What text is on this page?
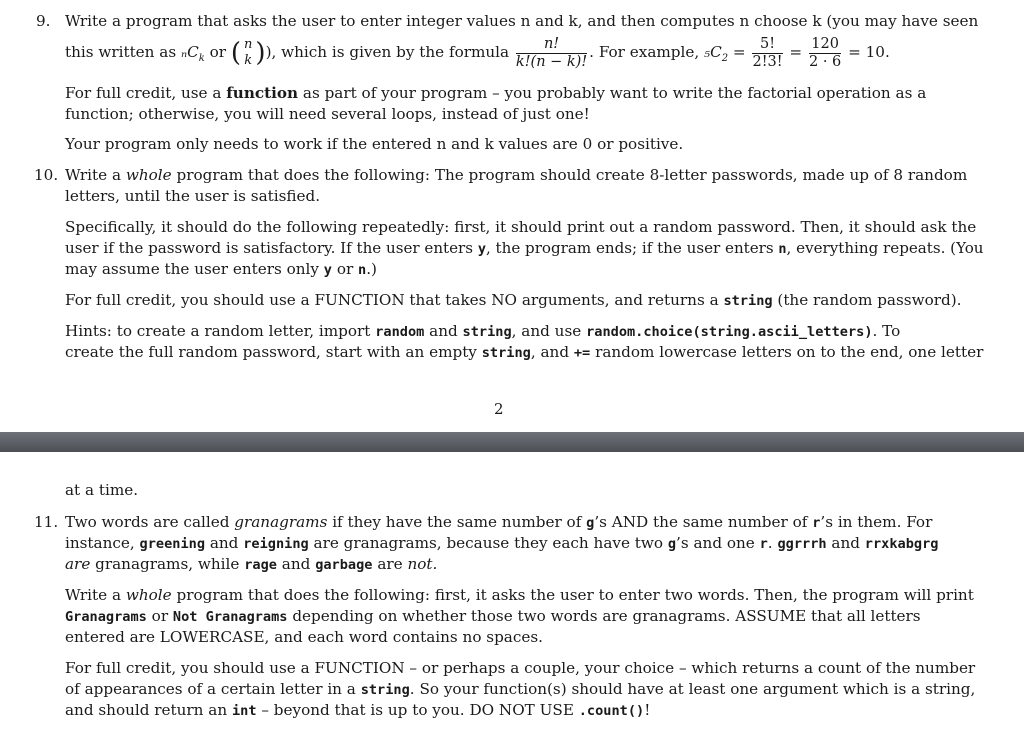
9. Write a program that asks the user to enter integer values n and k, and then computes n choose k (you may have seen
this written as ₙC$_k$ or ( n
k )), which is given by the formula $\frac{n!}{k!(n - k)!}$ . For example, $_5C_2 = \frac{5!}{2!3!} = \frac{120}{2 \cdot 6} = 10$.
For full credit, use a function as part of your program – you probably want to write the factorial operation as a
function; otherwise, you will need several loops, instead of just one!
Your program only needs to work if the entered n and k values are 0 or positive.
10. Write a whole program that does the following: The program should create 8-letter passwords, made up of 8 random
letters, until the user is satisfied.
Specifically, it should do the following repeatedly: first, it should print out a random password. Then, it should ask the
user if the password is satisfactory. If the user enters y, the program ends; if the user enters n, everything repeats. (You
may assume the user enters only y or n.)
For full credit, you should use a FUNCTION that takes NO arguments, and returns a string (the random password).
Hints: to create a random letter, import random and string, and use random.choice(string.ascii_letters). To
create the full random password, start with an empty string, and += random lowercase letters on to the end, one letter
2
at a time.
11. Two words are called granagrams if they have the same number of g’s AND the same number of r’s in them. For
instance, greening and reigning are granagrams, because they each have two g’s and one r. ggrrrh and rrxkabgrg
are granagrams, while rage and garbage are not.
Write a whole program that does the following: first, it asks the user to enter two words. Then, the program will print
Granagrams or Not Granagrams depending on whether those two words are granagrams. ASSUME that all letters
entered are LOWERCASE, and each word contains no spaces.
For full credit, you should use a FUNCTION – or perhaps a couple, your choice – which returns a count of the number
of appearances of a certain letter in a string. So your function(s) should have at least one argument which is a string,
and should return an int – beyond that is up to you. DO NOT USE .count()!
